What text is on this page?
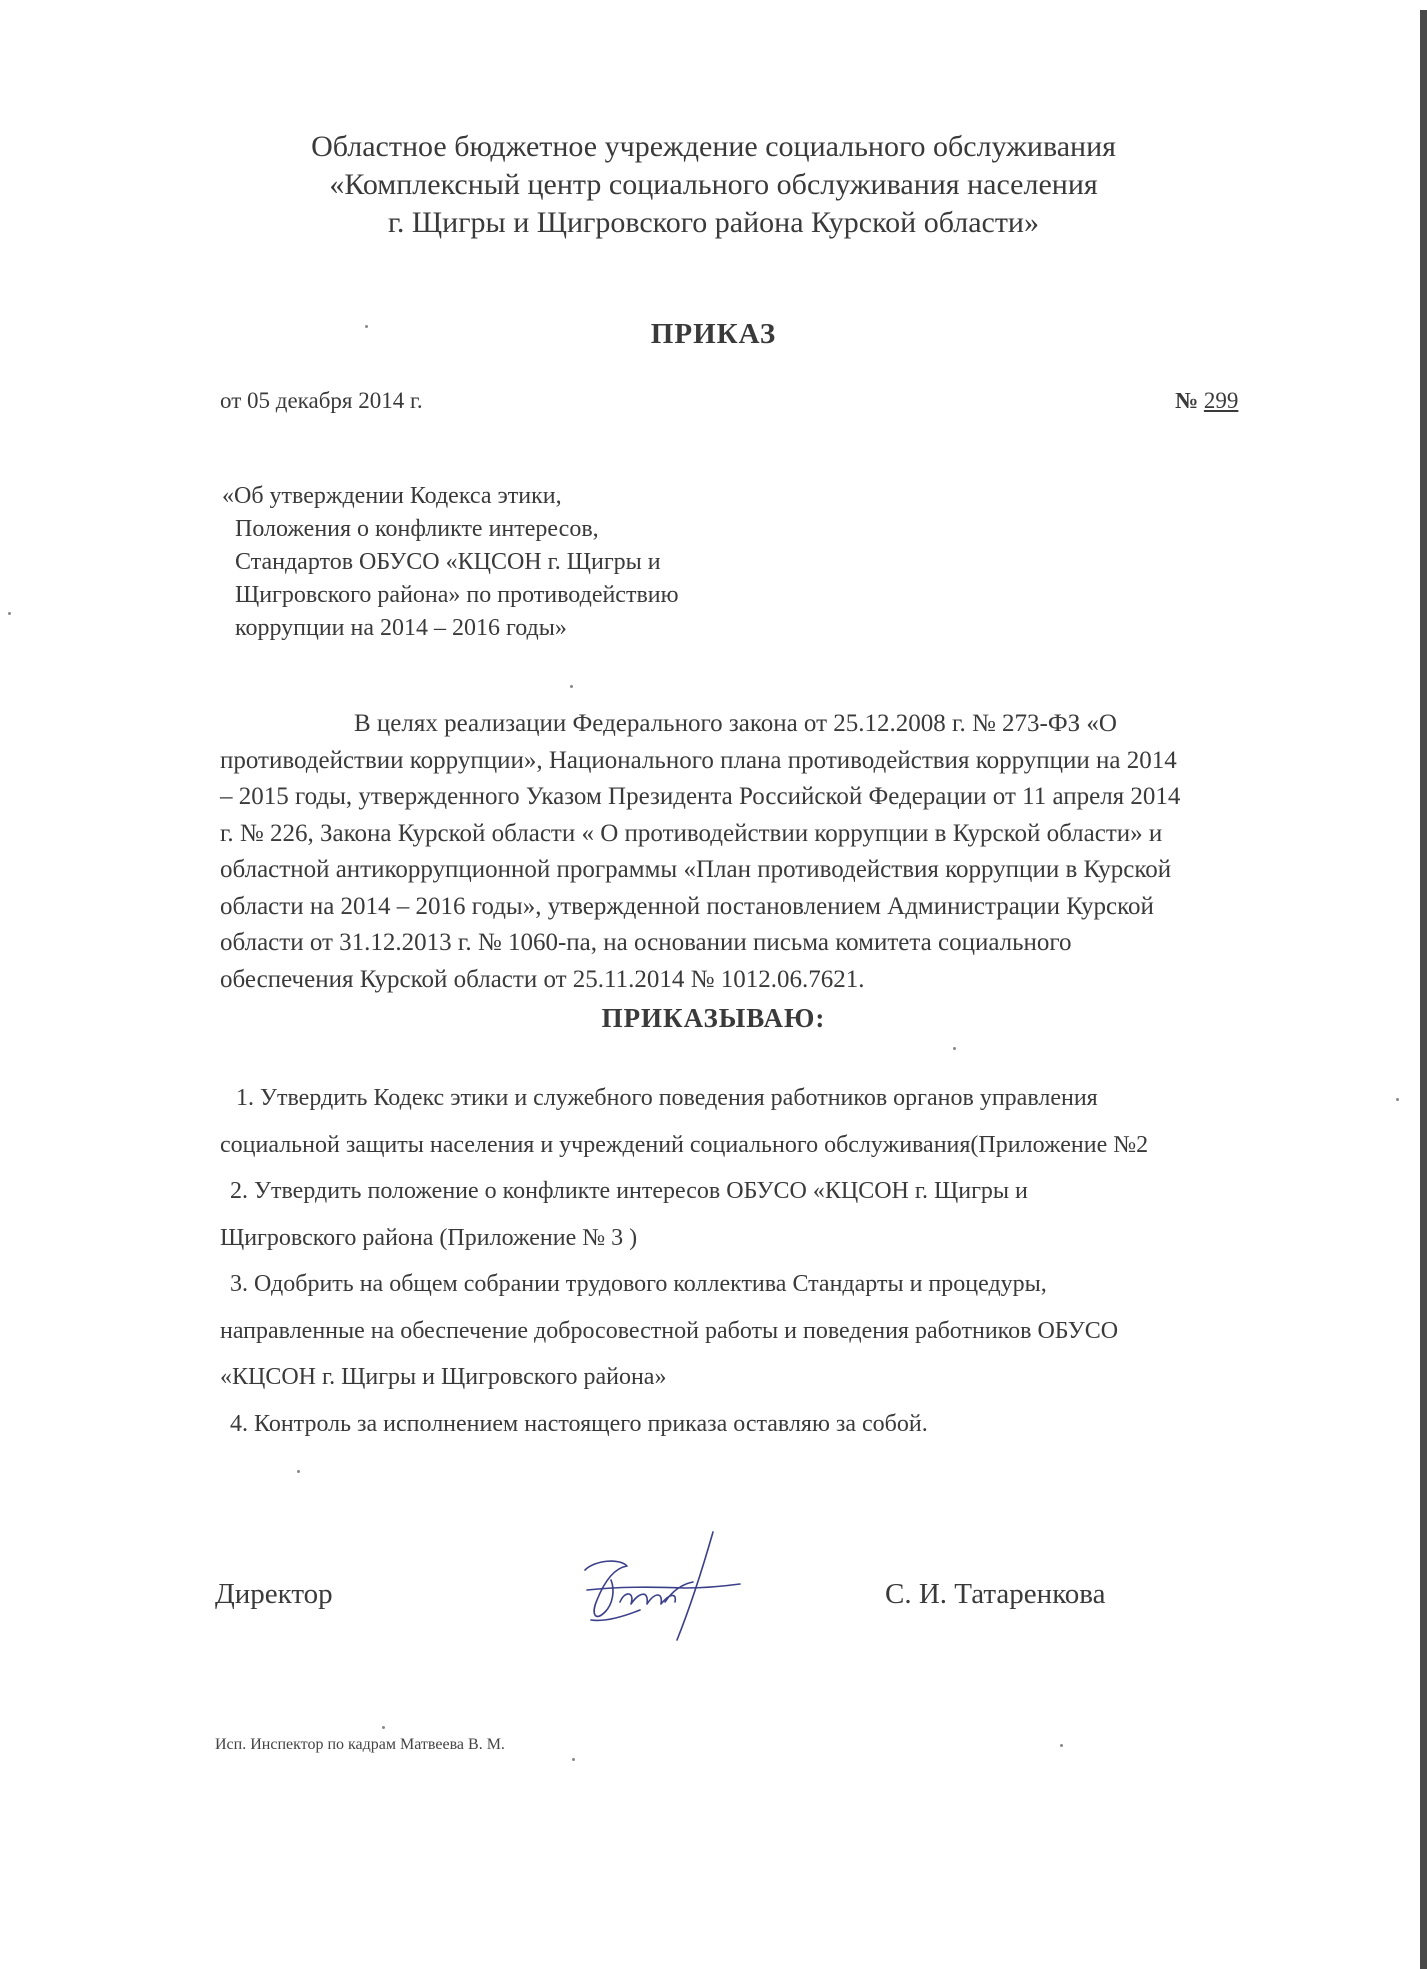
Областное бюджетное учреждение социального обслуживания
«Комплексный центр социального обслуживания населения
г. Щигры и Щигровского района Курской области»
ПРИКАЗ
от 05 декабря 2014 г.	№ 299
«Об утверждении Кодекса этики,
Положения о конфликте интересов,
Стандартов ОБУСО «КЦСОН г. Щигры и
Щигровского района» по противодействию
коррупции на 2014 – 2016 годы»
В целях реализации Федерального закона от 25.12.2008 г. № 273-ФЗ «О
противодействии коррупции», Национального плана противодействия коррупции на 2014
– 2015 годы, утвержденного Указом Президента Российской Федерации от 11 апреля 2014
г. № 226, Закона Курской области « О противодействии коррупции в Курской области» и
областной антикоррупционной программы «План противодействия коррупции в Курской
области на 2014 – 2016 годы», утвержденной постановлением Администрации Курской
области от 31.12.2013 г. № 1060-па, на основании письма комитета социального
обеспечения Курской области от 25.11.2014 № 1012.06.7621.
ПРИКАЗЫВАЮ:
1. Утвердить Кодекс этики и служебного поведения работников органов управления
социальной защиты населения и учреждений социального обслуживания(Приложение №2
2. Утвердить положение о конфликте интересов ОБУСО «КЦСОН г. Щигры и
Щигровского района (Приложение № 3 )
3. Одобрить на общем собрании трудового коллектива Стандарты и процедуры,
направленные на обеспечение добросовестной работы и поведения работников ОБУСО
«КЦСОН г. Щигры и Щигровского района»
4. Контроль за исполнением настоящего приказа оставляю за собой.
Директор	С. И. Татаренкова
Исп. Инспектор по кадрам Матвеева В. М.
